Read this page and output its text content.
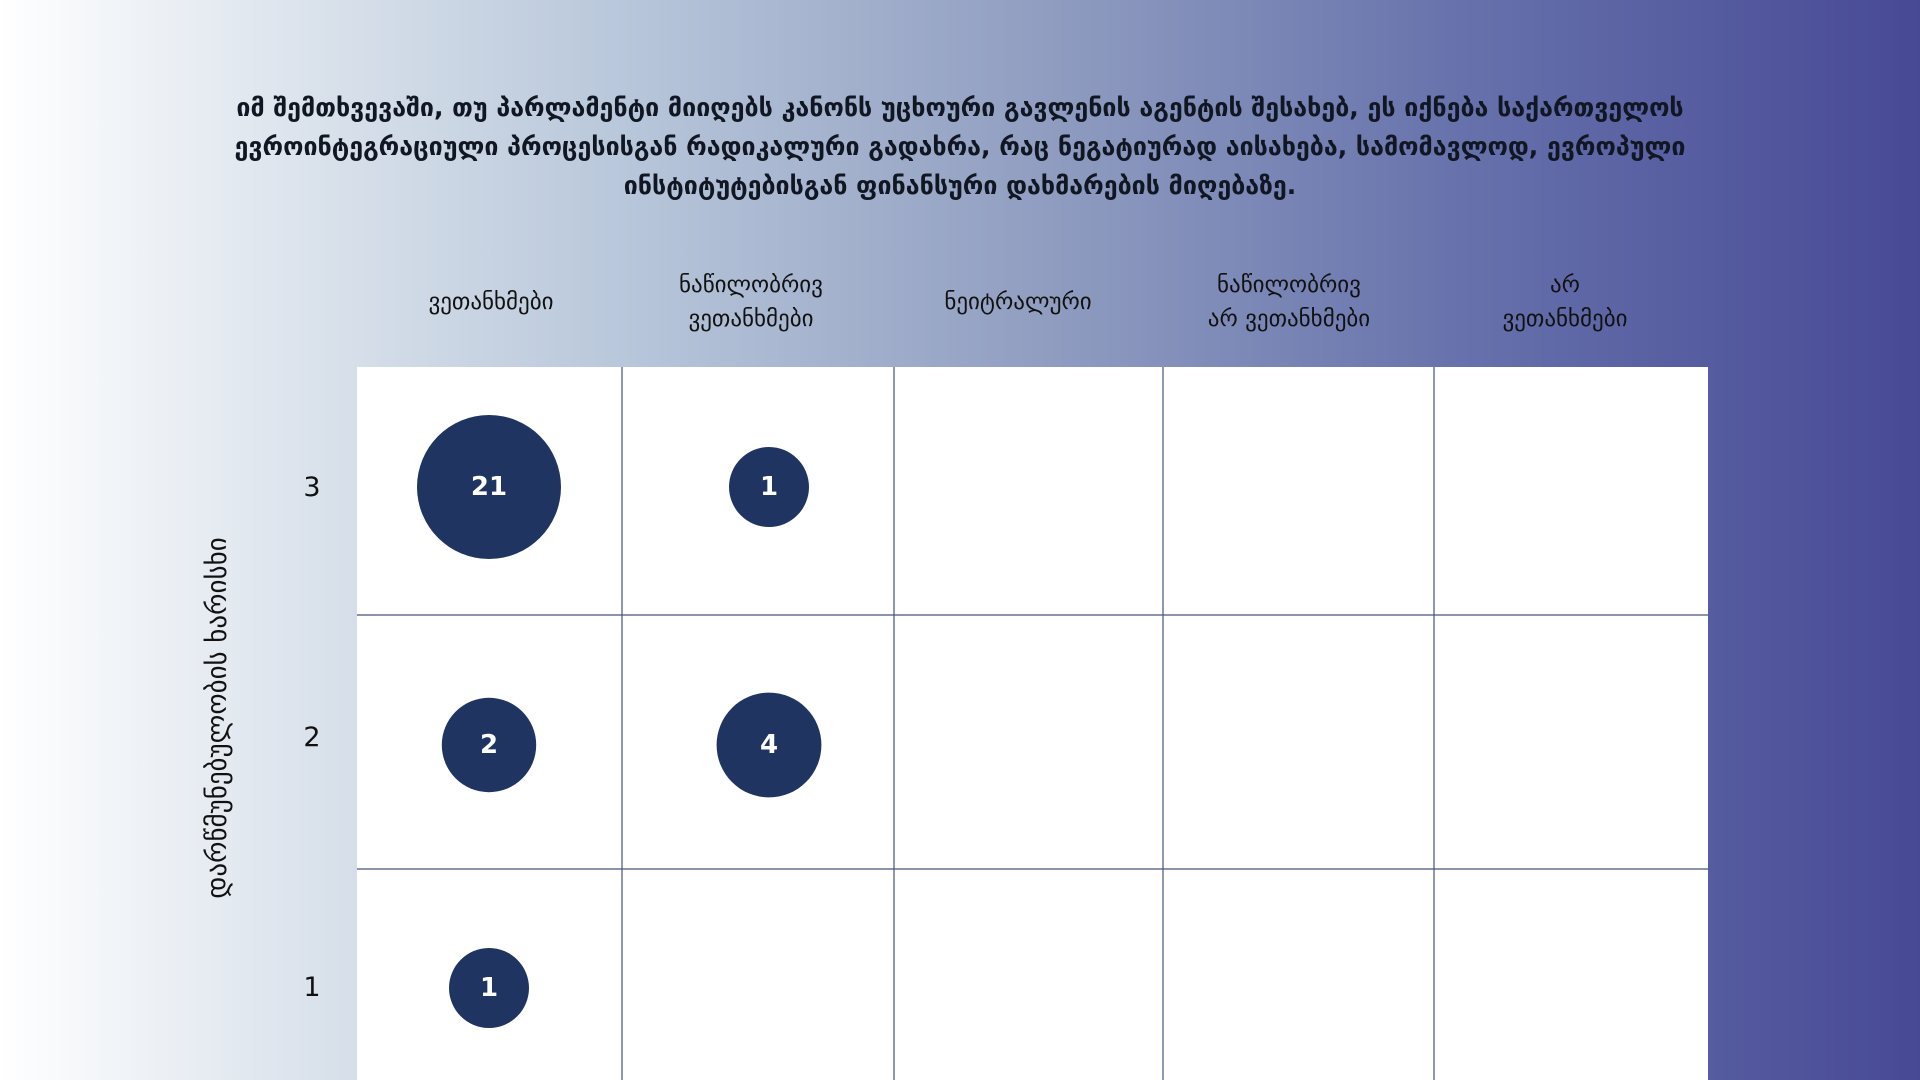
იმ შემთხვევაში, თუ პარლამენტი მიიღებს კანონს უცხოური გავლენის აგენტის შესახებ, ეს იქნება საქართველოს ევროინტეგრაციული პროცესისგან რადიკალური გადახრა, რაც ნეგატიურად აისახება, სამომავლოდ, ევროპული ინსტიტუტებისგან ფინანსური დახმარების მიღებაზე.
ვეთანხმები
ნაწილობრივ
ვეთანხმები
ნეიტრალური
ნაწილობრივ
არ ვეთანხმები
არ
ვეთანხმები
დარწმუნებულობის ხარისხი
3
2
1
21	1
2	4
1
